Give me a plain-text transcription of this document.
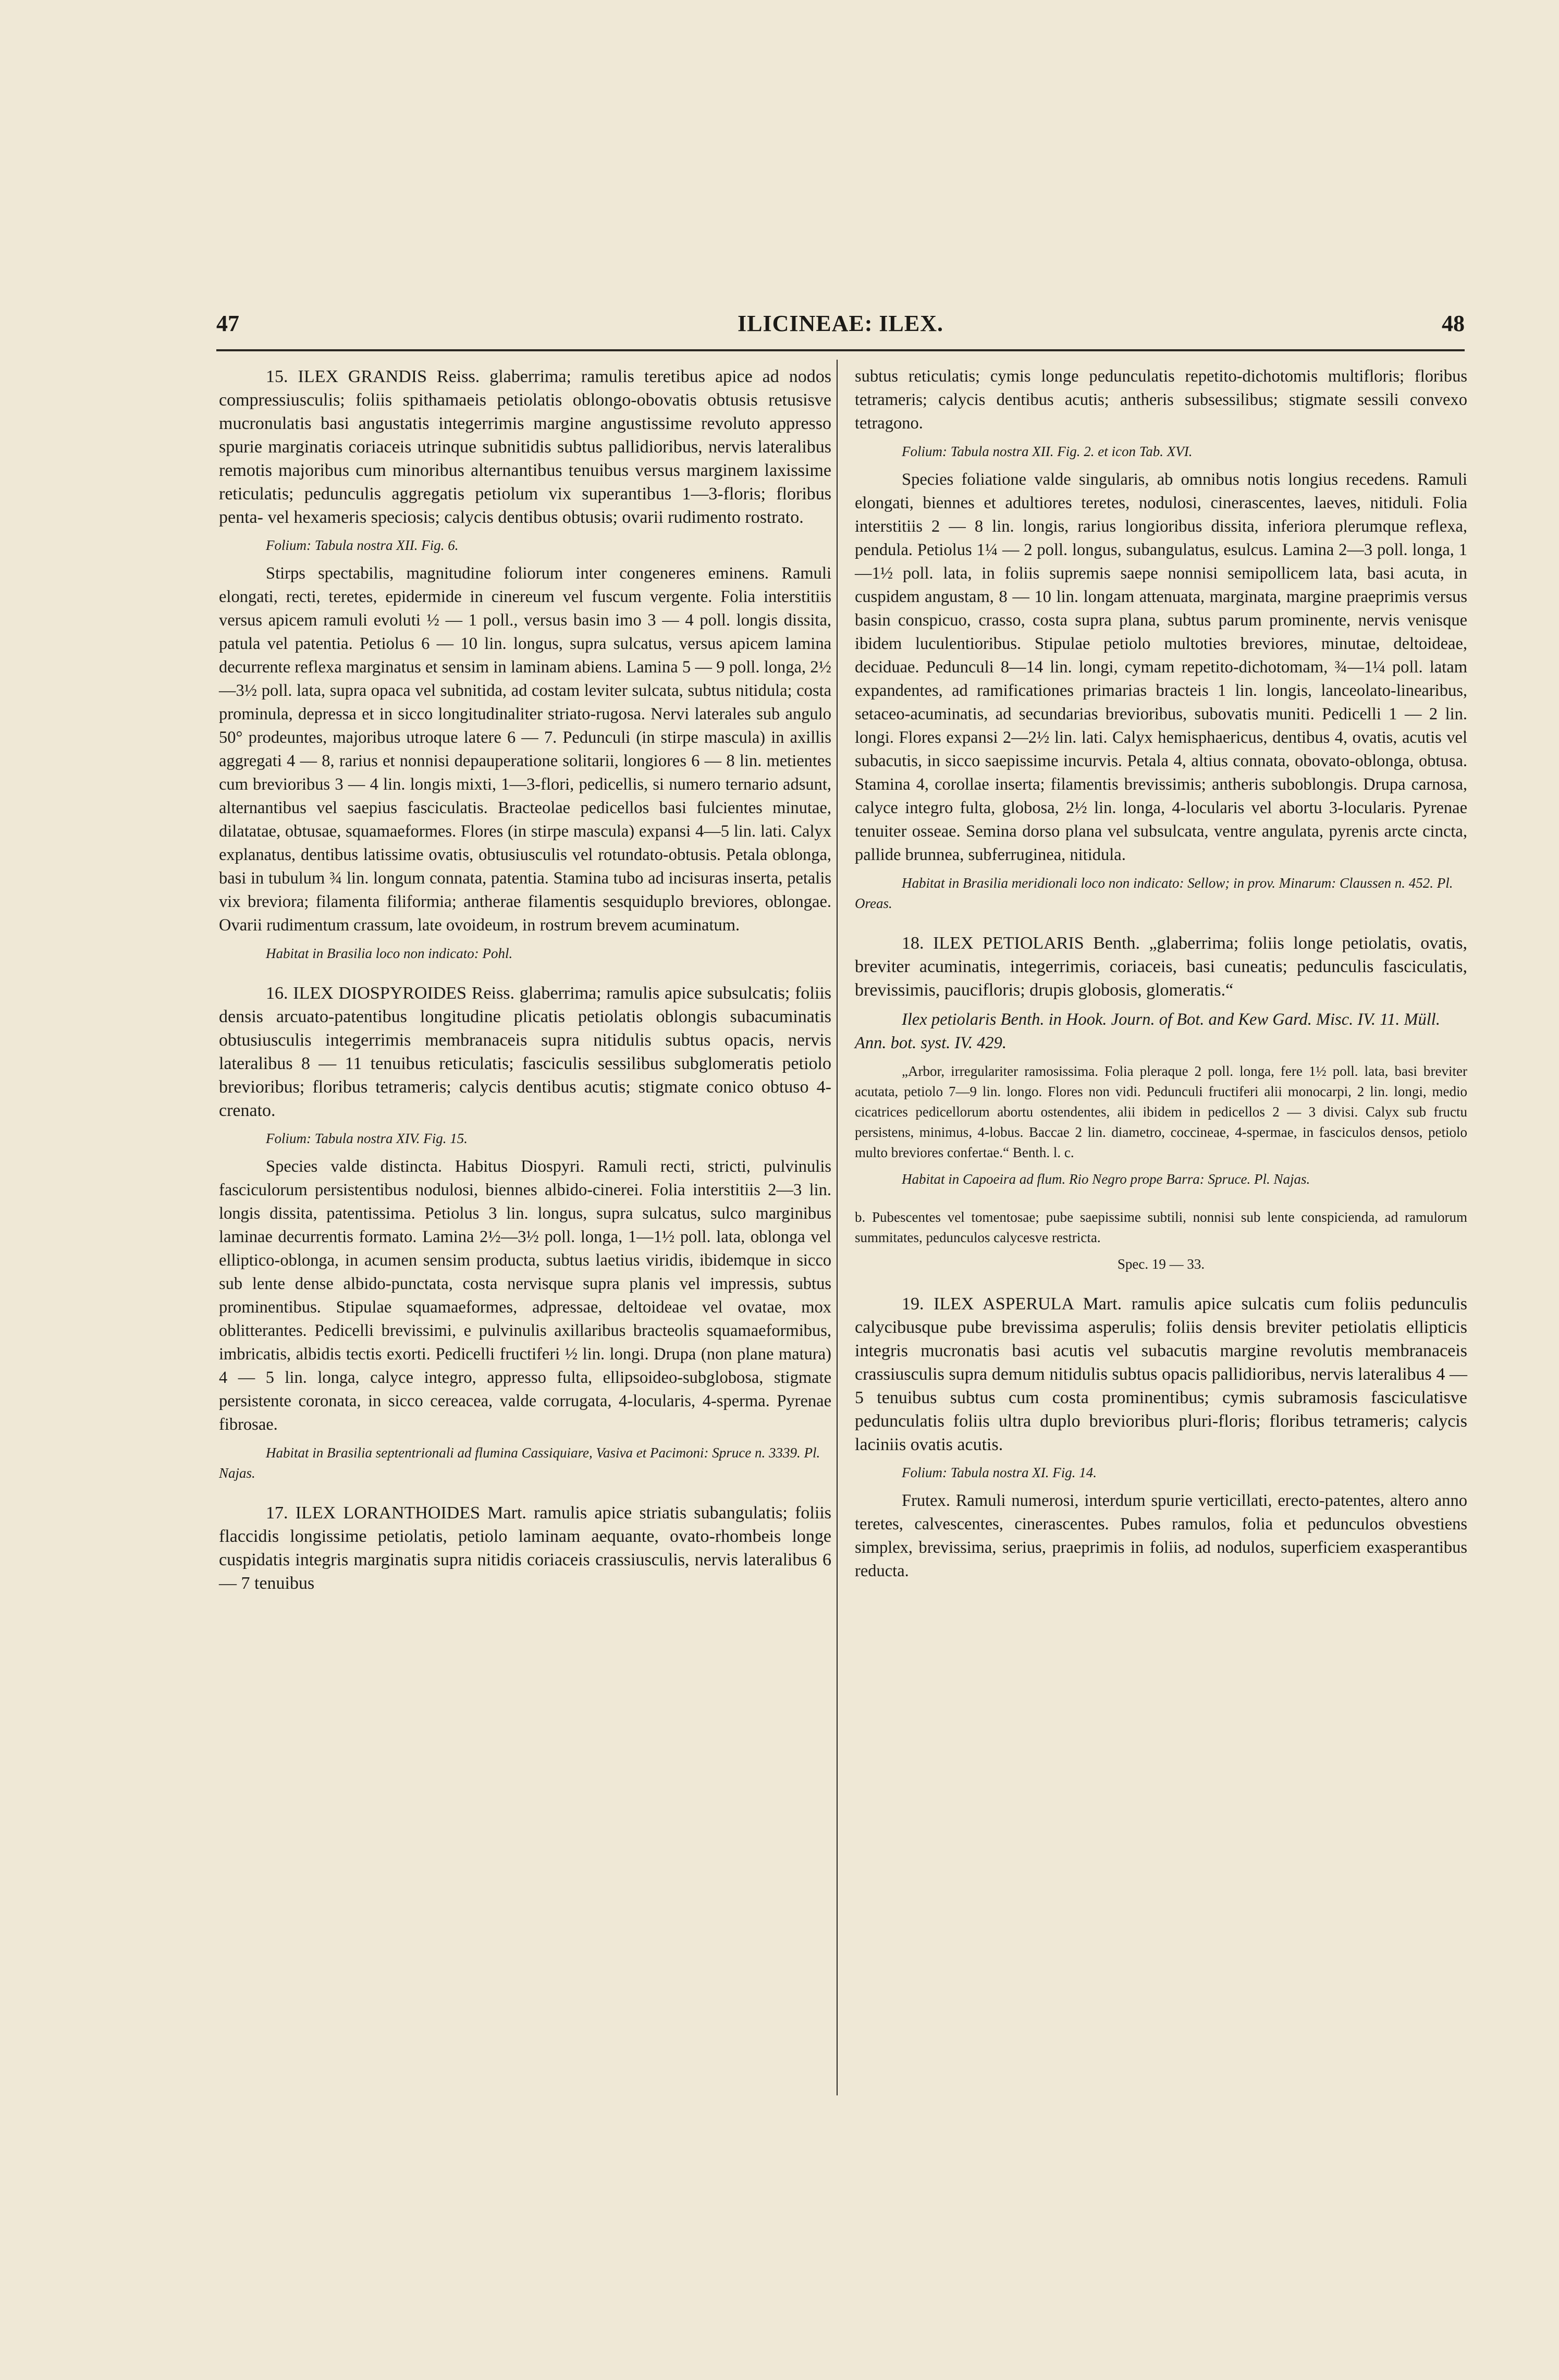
47	ILICINEAE: ILEX.	48

15. ILEX GRANDIS Reiss. glaberrima; ramulis teretibus apice ad nodos compressiusculis; foliis spithamaeis petiolatis oblongo-obovatis obtusis retusisve mucronulatis basi angustatis integerrimis margine angustissime revoluto appresso spurie marginatis coriaceis utrinque subnitidis subtus pallidioribus, nervis lateralibus remotis majoribus cum minoribus alternantibus tenuibus versus marginem laxissime reticulatis; pedunculis aggregatis petiolum vix superantibus 1—3-floris; floribus penta- vel hexameris speciosis; calycis dentibus obtusis; ovarii rudimento rostrato.

Folium: Tabula nostra XII. Fig. 6.

Stirps spectabilis, magnitudine foliorum inter congeneres eminens. Ramuli elongati, recti, teretes, epidermide in cinereum vel fuscum vergente. Folia interstitiis versus apicem ramuli evoluti ½ — 1 poll., versus basin imo 3 — 4 poll. longis dissita, patula vel patentia. Petiolus 6 — 10 lin. longus, supra sulcatus, versus apicem lamina decurrente reflexa marginatus et sensim in laminam abiens. Lamina 5 — 9 poll. longa, 2½—3½ poll. lata, supra opaca vel subnitida, ad costam leviter sulcata, subtus nitidula; costa prominula, depressa et in sicco longitudinaliter striato-rugosa. Nervi laterales sub angulo 50° prodeuntes, majoribus utroque latere 6 — 7. Pedunculi (in stirpe mascula) in axillis aggregati 4 — 8, rarius et nonnisi depauperatione solitarii, longiores 6 — 8 lin. metientes cum brevioribus 3 — 4 lin. longis mixti, 1—3-flori, pedicellis, si numero ternario adsunt, alternantibus vel saepius fasciculatis. Bracteolae pedicellos basi fulcientes minutae, dilatatae, obtusae, squamaeformes. Flores (in stirpe mascula) expansi 4—5 lin. lati. Calyx explanatus, dentibus latissime ovatis, obtusiusculis vel rotundato-obtusis. Petala oblonga, basi in tubulum ¾ lin. longum connata, patentia. Stamina tubo ad incisuras inserta, petalis vix breviora; filamenta filiformia; antherae filamentis sesquiduplo breviores, oblongae. Ovarii rudimentum crassum, late ovoideum, in rostrum brevem acuminatum.

Habitat in Brasilia loco non indicato: Pohl.

16. ILEX DIOSPYROIDES Reiss. glaberrima; ramulis apice subsulcatis; foliis densis arcuato-patentibus longitudine plicatis petiolatis oblongis subacuminatis obtusiusculis integerrimis membranaceis supra nitidulis subtus opacis, nervis lateralibus 8 — 11 tenuibus reticulatis; fasciculis sessilibus subglomeratis petiolo brevioribus; floribus tetrameris; calycis dentibus acutis; stigmate conico obtuso 4-crenato.

Folium: Tabula nostra XIV. Fig. 15.

Species valde distincta. Habitus Diospyri. Ramuli recti, stricti, pulvinulis fasciculorum persistentibus nodulosi, biennes albido-cinerei. Folia interstitiis 2—3 lin. longis dissita, patentissima. Petiolus 3 lin. longus, supra sulcatus, sulco marginibus laminae decurrentis formato. Lamina 2½—3½ poll. longa, 1—1½ poll. lata, oblonga vel elliptico-oblonga, in acumen sensim producta, subtus laetius viridis, ibidemque in sicco sub lente dense albido-punctata, costa nervisque supra planis vel impressis, subtus prominentibus. Stipulae squamaeformes, adpressae, deltoideae vel ovatae, mox oblitterantes. Pedicelli brevissimi, e pulvinulis axillaribus bracteolis squamaeformibus, imbricatis, albidis tectis exorti. Pedicelli fructiferi ½ lin. longi. Drupa (non plane matura) 4 — 5 lin. longa, calyce integro, appresso fulta, ellipsoideo-subglobosa, stigmate persistente coronata, in sicco cereacea, valde corrugata, 4-locularis, 4-sperma. Pyrenae fibrosae.

Habitat in Brasilia septentrionali ad flumina Cassiquiare, Vasiva et Pacimoni: Spruce n. 3339. Pl. Najas.

17. ILEX LORANTHOIDES Mart. ramulis apice striatis subangulatis; foliis flaccidis longissime petiolatis, petiolo laminam aequante, ovato-rhombeis longe cuspidatis integris marginatis supra nitidis coriaceis crassiusculis, nervis lateralibus 6 — 7 tenuibus

subtus reticulatis; cymis longe pedunculatis repetito-dichotomis multifloris; floribus tetrameris; calycis dentibus acutis; antheris subsessilibus; stigmate sessili convexo tetragono.

Folium: Tabula nostra XII. Fig. 2. et icon Tab. XVI.

Species foliatione valde singularis, ab omnibus notis longius recedens. Ramuli elongati, biennes et adultiores teretes, nodulosi, cinerascentes, laeves, nitiduli. Folia interstitiis 2 — 8 lin. longis, rarius longioribus dissita, inferiora plerumque reflexa, pendula. Petiolus 1¼ — 2 poll. longus, subangulatus, esulcus. Lamina 2—3 poll. longa, 1—1½ poll. lata, in foliis supremis saepe nonnisi semipollicem lata, basi acuta, in cuspidem angustam, 8 — 10 lin. longam attenuata, marginata, margine praeprimis versus basin conspicuo, crasso, costa supra plana, subtus parum prominente, nervis venisque ibidem luculentioribus. Stipulae petiolo multoties breviores, minutae, deltoideae, deciduae. Pedunculi 8—14 lin. longi, cymam repetito-dichotomam, ¾—1¼ poll. latam expandentes, ad ramificationes primarias bracteis 1 lin. longis, lanceolato-linearibus, setaceo-acuminatis, ad secundarias brevioribus, subovatis muniti. Pedicelli 1 — 2 lin. longi. Flores expansi 2—2½ lin. lati. Calyx hemisphaericus, dentibus 4, ovatis, acutis vel subacutis, in sicco saepissime incurvis. Petala 4, altius connata, obovato-oblonga, obtusa. Stamina 4, corollae inserta; filamentis brevissimis; antheris suboblongis. Drupa carnosa, calyce integro fulta, globosa, 2½ lin. longa, 4-locularis vel abortu 3-locularis. Pyrenae tenuiter osseae. Semina dorso plana vel subsulcata, ventre angulata, pyrenis arcte cincta, pallide brunnea, subferruginea, nitidula.

Habitat in Brasilia meridionali loco non indicato: Sellow; in prov. Minarum: Claussen n. 452. Pl. Oreas.

18. ILEX PETIOLARIS Benth. „glaberrima; foliis longe petiolatis, ovatis, breviter acuminatis, integerrimis, coriaceis, basi cuneatis; pedunculis fasciculatis, brevissimis, paucifloris; drupis globosis, glomeratis.“

Ilex petiolaris Benth. in Hook. Journ. of Bot. and Kew Gard. Misc. IV. 11. Müll. Ann. bot. syst. IV. 429.

„Arbor, irregulariter ramosissima. Folia pleraque 2 poll. longa, fere 1½ poll. lata, basi breviter acutata, petiolo 7—9 lin. longo. Flores non vidi. Pedunculi fructiferi alii monocarpi, 2 lin. longi, medio cicatrices pedicellorum abortu ostendentes, alii ibidem in pedicellos 2 — 3 divisi. Calyx sub fructu persistens, minimus, 4-lobus. Baccae 2 lin. diametro, coccineae, 4-spermae, in fasciculos densos, petiolo multo breviores confertae.“ Benth. l. c.

Habitat in Capoeira ad flum. Rio Negro prope Barra: Spruce. Pl. Najas.

b. Pubescentes vel tomentosae; pube saepissime subtili, nonnisi sub lente conspicienda, ad ramulorum summitates, pedunculos calycesve restricta.

Spec. 19 — 33.

19. ILEX ASPERULA Mart. ramulis apice sulcatis cum foliis pedunculis calycibusque pube brevissima asperulis; foliis densis breviter petiolatis ellipticis integris mucronatis basi acutis vel subacutis margine revolutis membranaceis crassiusculis supra demum nitidulis subtus opacis pallidioribus, nervis lateralibus 4 — 5 tenuibus subtus cum costa prominentibus; cymis subramosis fasciculatisve pedunculatis foliis ultra duplo brevioribus pluri-floris; floribus tetrameris; calycis laciniis ovatis acutis.

Folium: Tabula nostra XI. Fig. 14.

Frutex. Ramuli numerosi, interdum spurie verticillati, erecto-patentes, altero anno teretes, calvescentes, cinerascentes. Pubes ramulos, folia et pedunculos obvestiens simplex, brevissima, serius, praeprimis in foliis, ad nodulos, superficiem exasperantibus reducta.
